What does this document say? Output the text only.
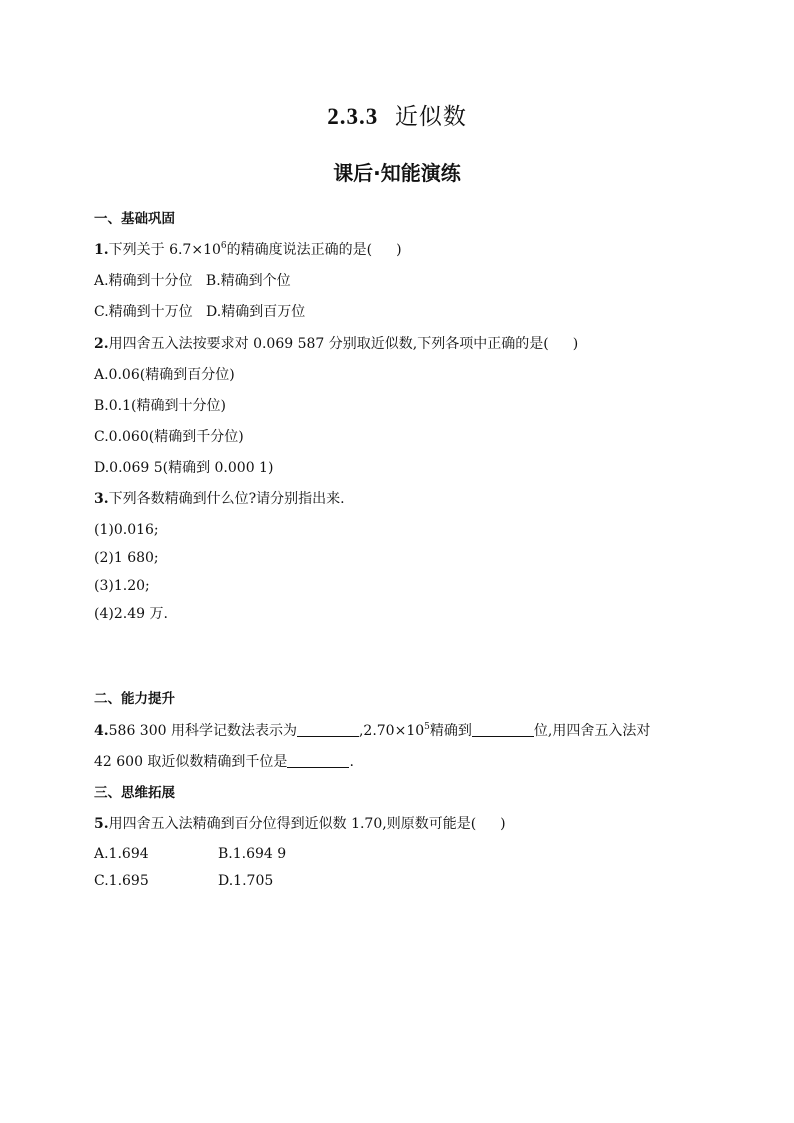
2.3.3 近似数
课后·知能演练
一、基础巩固
1.下列关于 $6.7\times 10^6$的精确度说法正确的是( )
A.精确到十分位 B.精确到个位
C.精确到十万位 D.精确到百万位
2.用四舍五入法按要求对 0.069 587 分别取近似数,下列各项中正确的是( )
A.0.06(精确到百分位)
B.0.1(精确到十分位)
C.0.060(精确到千分位)
D.0.069 5(精确到 0.000 1)
3.下列各数精确到什么位?请分别指出来.
(1)0.016;
(2)1 680;
(3)1.20;
(4)2.49 万.
二、能力提升
4.586 300 用科学记数法表示为	$,2.70\times 10^5$精确到	位,用四舍五入法对
42 600 取近似数精确到千位是	.
三、思维拓展
5.用四舍五入法精确到百分位得到近似数 1.70,则原数可能是( )
A.1.694	B.1.694 9
C.1.695	D.1.705
